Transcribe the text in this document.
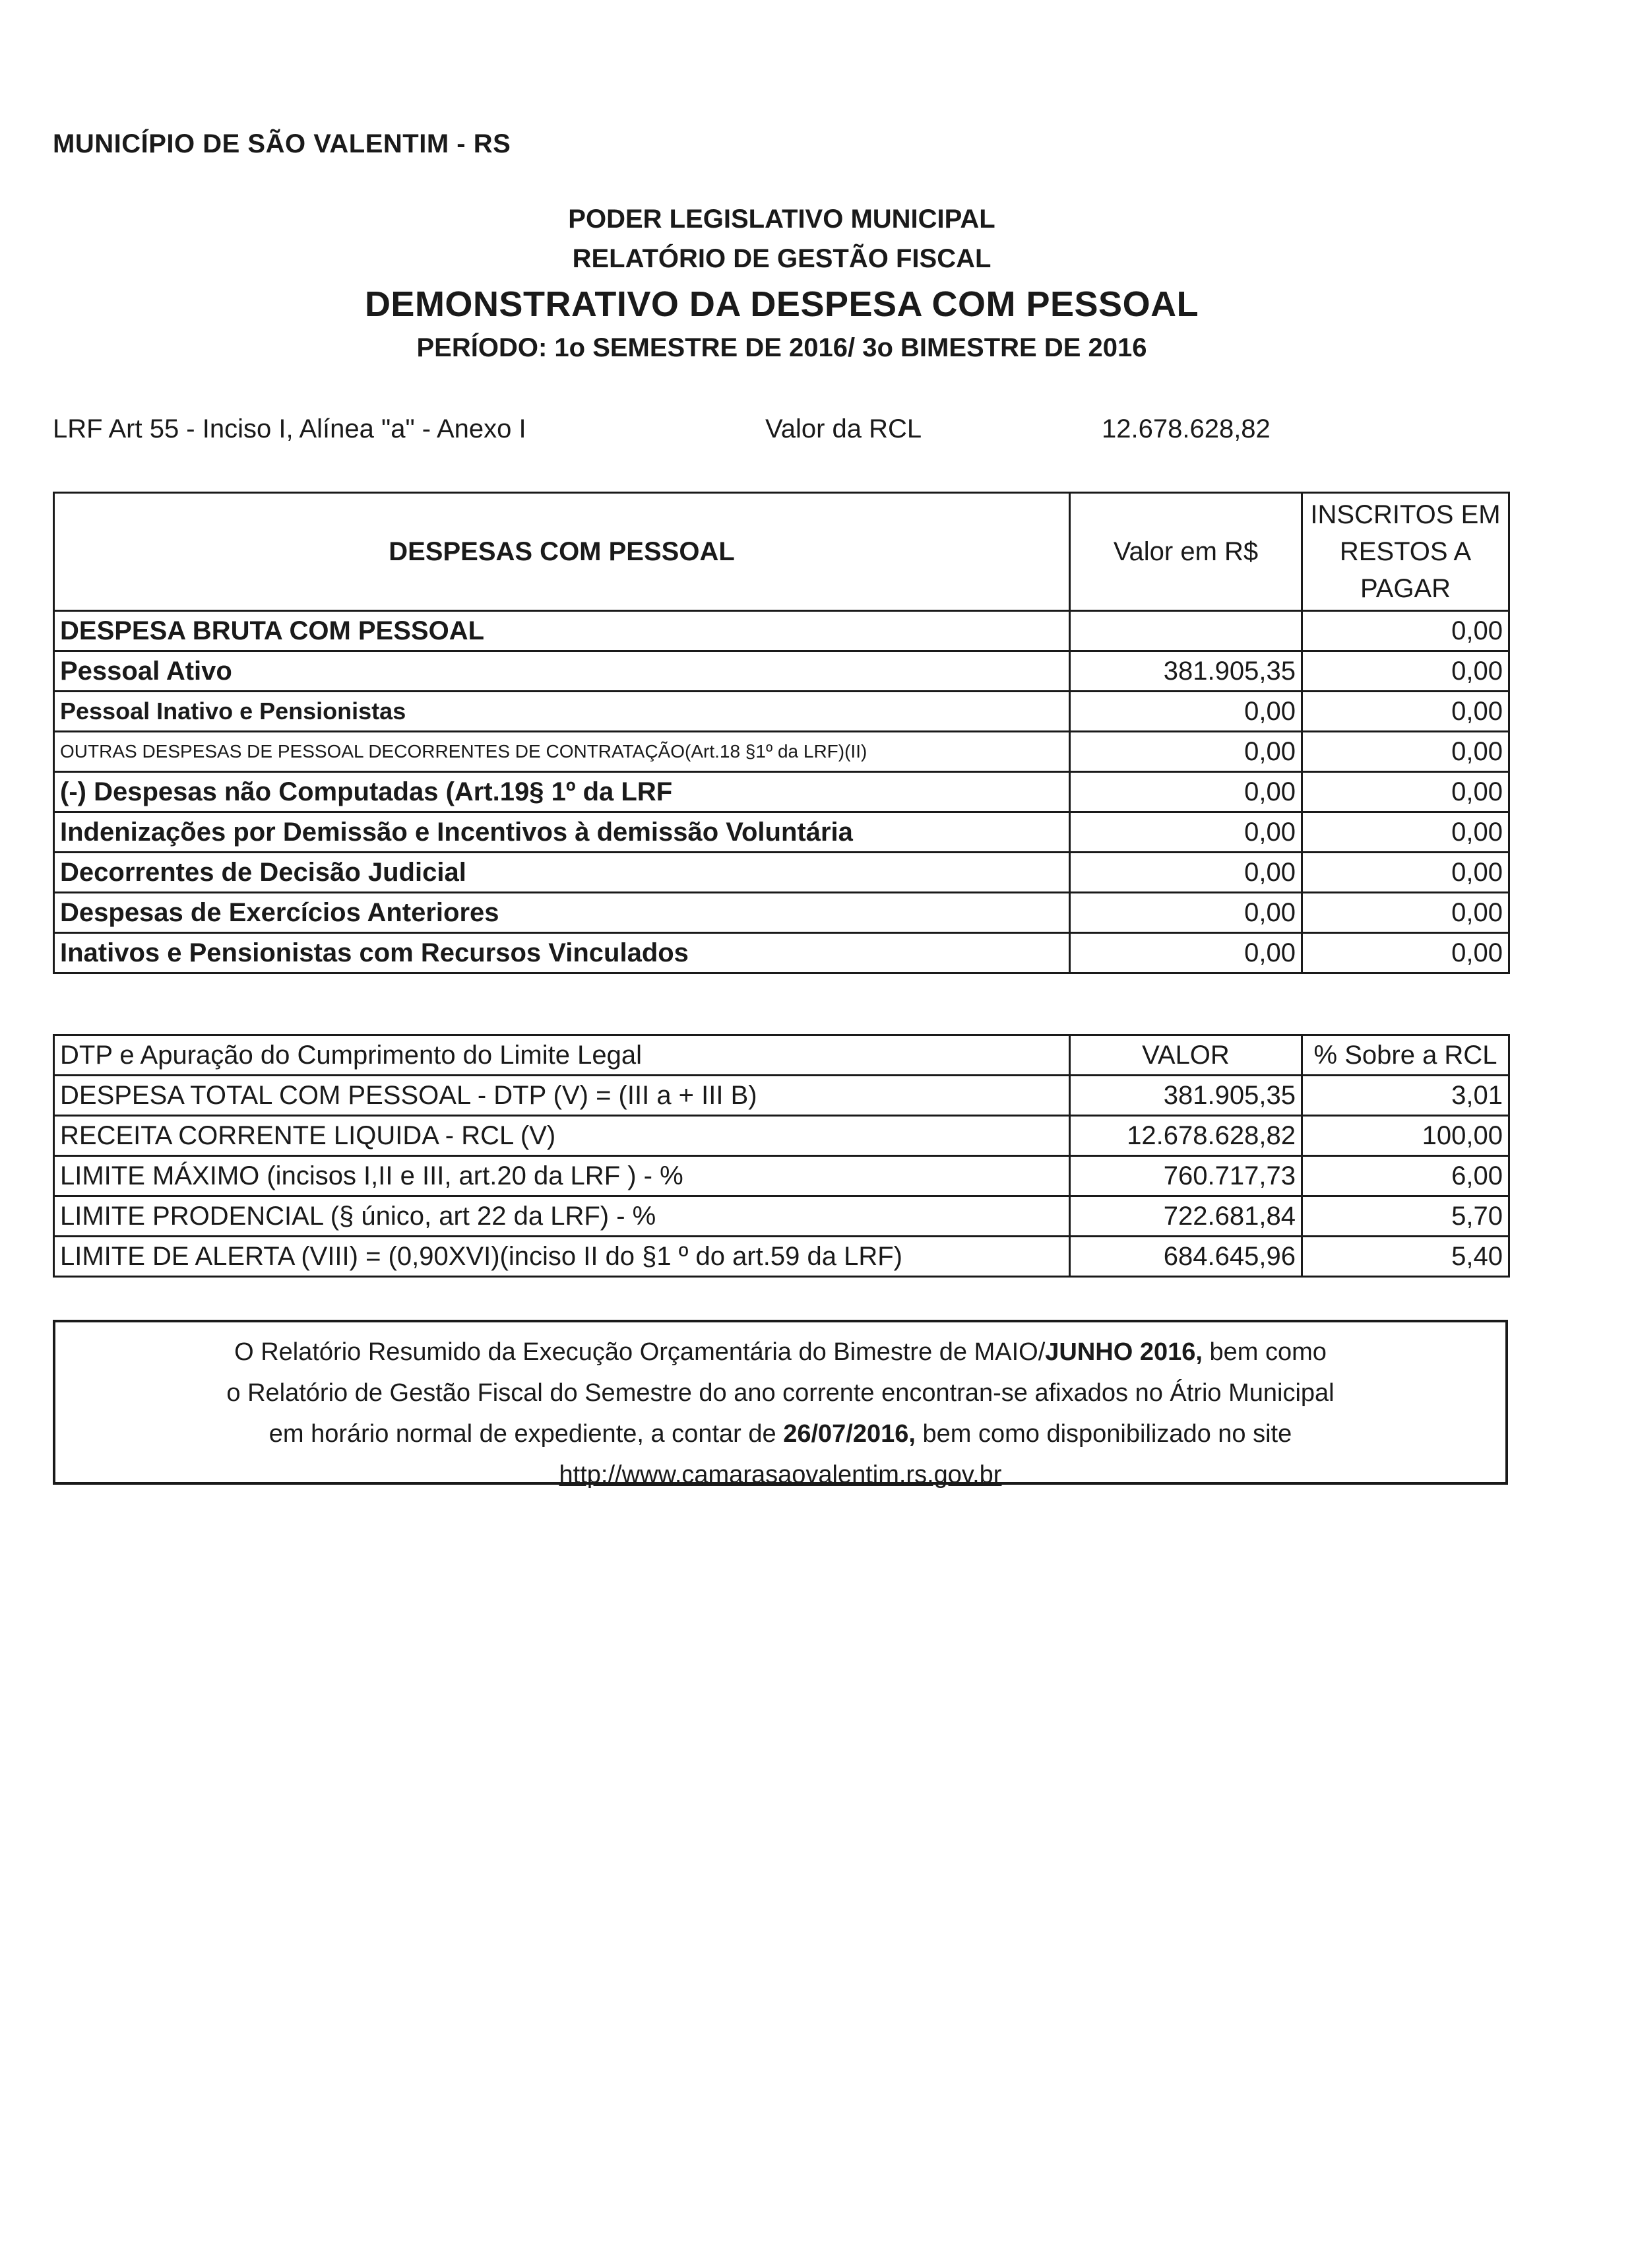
MUNICÍPIO DE SÃO VALENTIM - RS
PODER LEGISLATIVO MUNICIPAL
RELATÓRIO DE GESTÃO FISCAL
DEMONSTRATIVO DA DESPESA COM PESSOAL
PERÍODO: 1o SEMESTRE DE 2016/ 3o BIMESTRE DE 2016
LRF Art 55 - Inciso I, Alínea "a" - Anexo I	Valor da RCL	12.678.628,82
DESPESAS COM PESSOAL	Valor em R$	INSCRITOS EM
RESTOS A
PAGAR
DESPESA BRUTA COM PESSOAL		0,00
Pessoal Ativo	381.905,35	0,00
Pessoal Inativo e Pensionistas	0,00	0,00
OUTRAS DESPESAS DE PESSOAL DECORRENTES DE CONTRATAÇÃO(Art.18 §1º da LRF)(II)	0,00	0,00
(-) Despesas não Computadas (Art.19§ 1º da LRF	0,00	0,00
Indenizações por Demissão e Incentivos à demissão Voluntária	0,00	0,00
Decorrentes de Decisão Judicial	0,00	0,00
Despesas de Exercícios Anteriores	0,00	0,00
Inativos e Pensionistas com Recursos Vinculados	0,00	0,00
DTP e Apuração do Cumprimento do Limite Legal	VALOR	% Sobre a RCL
DESPESA TOTAL COM PESSOAL - DTP (V) = (III a + III B)	381.905,35	3,01
RECEITA CORRENTE LIQUIDA - RCL (V)	12.678.628,82	100,00
LIMITE MÁXIMO (incisos I,II e III, art.20 da LRF ) - %	760.717,73	6,00
LIMITE PRODENCIAL (§ único, art 22 da LRF) - %	722.681,84	5,70
LIMITE DE ALERTA (VIII) = (0,90XVI)(inciso II do §1 º do art.59 da LRF)	684.645,96	5,40
O Relatório Resumido da Execução Orçamentária do Bimestre de MAIO/JUNHO 2016, bem como
o Relatório de Gestão Fiscal do Semestre do ano corrente encontran-se afixados no Átrio Municipal
em horário normal de expediente, a contar de 26/07/2016, bem como disponibilizado no site
http://www.camarasaovalentim.rs.gov.br
